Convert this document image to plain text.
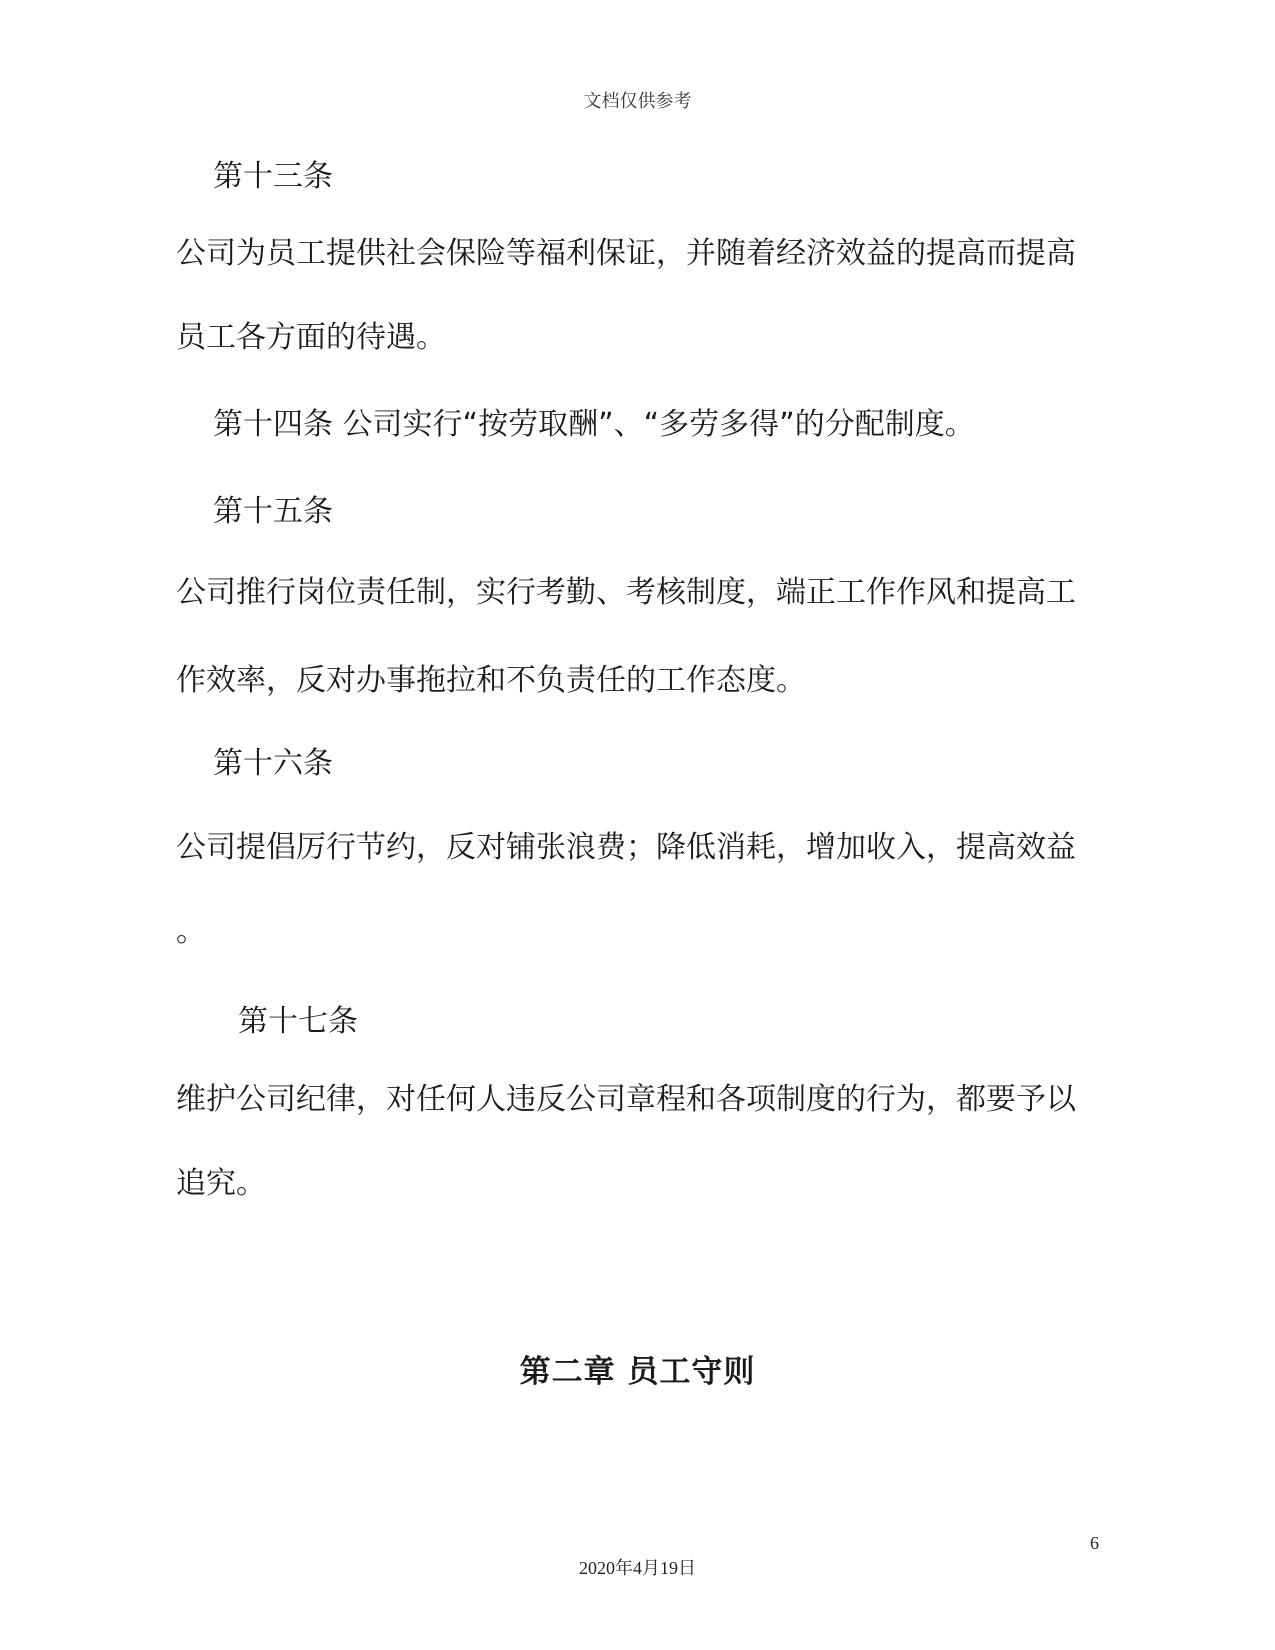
文档仅供参考
第十三条
公司为员工提供社会保险等福利保证，并随着经济效益的提高而提高
员工各方面的待遇。
第十四条 公司实行“按劳取酬”、“多劳多得”的分配制度。
第十五条
公司推行岗位责任制，实行考勤、考核制度，端正工作作风和提高工
作效率，反对办事拖拉和不负责任的工作态度。
第十六条
公司提倡厉行节约，反对铺张浪费；降低消耗，增加收入，提高效益
。
第十七条
维护公司纪律，对任何人违反公司章程和各项制度的行为，都要予以
追究。
第二章 员工守则
6
2020年4月19日
